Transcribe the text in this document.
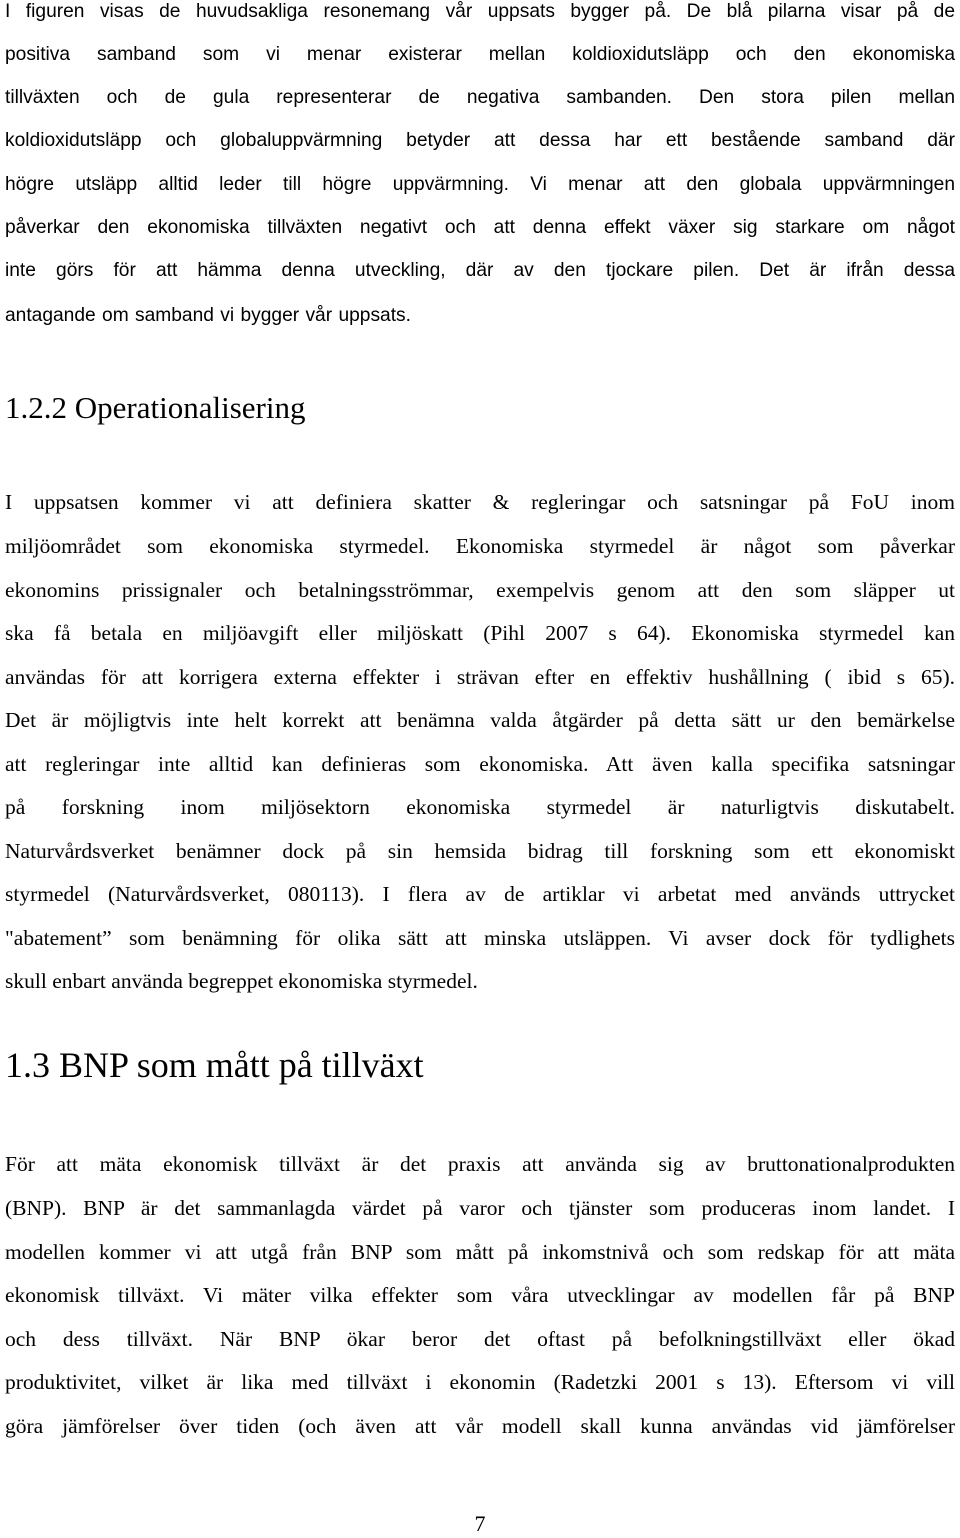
I figuren visas de huvudsakliga resonemang vår uppsats bygger på. De blå pilarna visar på de
positiva samband som vi menar existerar mellan koldioxidutsläpp och den ekonomiska
tillväxten och de gula representerar de negativa sambanden. Den stora pilen mellan
koldioxidutsläpp och globaluppvärmning betyder att dessa har ett bestående samband där
högre utsläpp alltid leder till högre uppvärmning. Vi menar att den globala uppvärmningen
påverkar den ekonomiska tillväxten negativt och att denna effekt växer sig starkare om något
inte görs för att hämma denna utveckling, där av den tjockare pilen. Det är ifrån dessa
antagande om samband vi bygger vår uppsats.
1.2.2 Operationalisering
I uppsatsen kommer vi att definiera skatter & regleringar och satsningar på FoU inom
miljöområdet som ekonomiska styrmedel. Ekonomiska styrmedel är något som påverkar
ekonomins prissignaler och betalningsströmmar, exempelvis genom att den som släpper ut
ska få betala en miljöavgift eller miljöskatt (Pihl 2007 s 64). Ekonomiska styrmedel kan
användas för att korrigera externa effekter i strävan efter en effektiv hushållning ( ibid s 65).
Det är möjligtvis inte helt korrekt att benämna valda åtgärder på detta sätt ur den bemärkelse
att regleringar inte alltid kan definieras som ekonomiska. Att även kalla specifika satsningar
på forskning inom miljösektorn ekonomiska styrmedel är naturligtvis diskutabelt.
Naturvårdsverket benämner dock på sin hemsida bidrag till forskning som ett ekonomiskt
styrmedel (Naturvårdsverket, 080113). I flera av de artiklar vi arbetat med används uttrycket
"abatement” som benämning för olika sätt att minska utsläppen. Vi avser dock för tydlighets
skull enbart använda begreppet ekonomiska styrmedel.
1.3 BNP som mått på tillväxt
För att mäta ekonomisk tillväxt är det praxis att använda sig av bruttonationalprodukten
(BNP). BNP är det sammanlagda värdet på varor och tjänster som produceras inom landet. I
modellen kommer vi att utgå från BNP som mått på inkomstnivå och som redskap för att mäta
ekonomisk tillväxt. Vi mäter vilka effekter som våra utvecklingar av modellen får på BNP
och dess tillväxt. När BNP ökar beror det oftast på befolkningstillväxt eller ökad
produktivitet, vilket är lika med tillväxt i ekonomin (Radetzki 2001 s 13). Eftersom vi vill
göra jämförelser över tiden (och även att vår modell skall kunna användas vid jämförelser
7
